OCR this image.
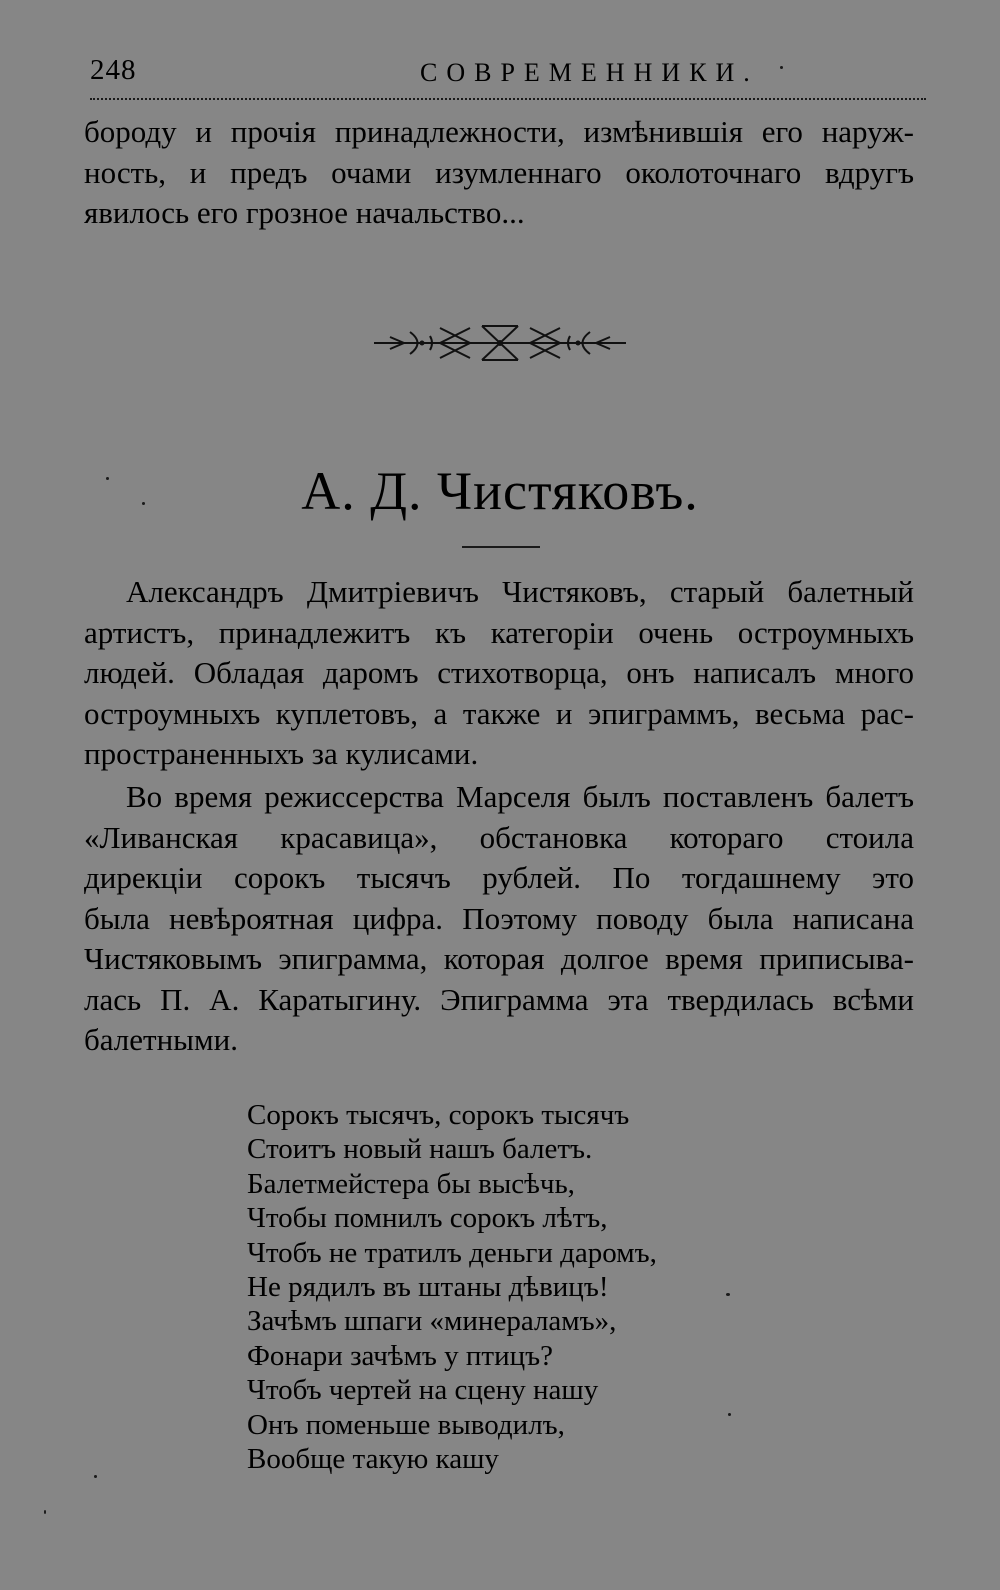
248	СОВРЕМЕННИКИ.
бороду и прочія принадлежности, измѣнившія его наруж-
ность, и предъ очами изумленнаго околоточнаго вдругъ
явилось его грозное начальство...
А. Д. Чистяковъ.
Александръ Дмитріевичъ Чистяковъ, старый балетный
артистъ, принадлежитъ къ категоріи очень остроумныхъ
людей. Обладая даромъ стихотворца, онъ написалъ много
остроумныхъ куплетовъ, а также и эпиграммъ, весьма рас-
пространенныхъ за кулисами.
Во время режиссерства Марселя былъ поставленъ балетъ
«Ливанская красавица», обстановка котораго стоила
дирекціи сорокъ тысячъ рублей. По тогдашнему это
была невѣроятная цифра. Поэтому поводу была написана
Чистяковымъ эпиграмма, которая долгое время приписыва-
лась П. А. Каратыгину. Эпиграмма эта твердилась всѣми
балетными.
Сорокъ тысячъ, сорокъ тысячъ
Стоитъ новый нашъ балетъ.
Балетмейстера бы высѣчь,
Чтобы помнилъ сорокъ лѣтъ,
Чтобъ не тратилъ деньги даромъ,
Не рядилъ въ штаны дѣвицъ!
Зачѣмъ шпаги «минераламъ»,
Фонари зачѣмъ у птицъ?
Чтобъ чертей на сцену нашу
Онъ поменьше выводилъ,
Вообще такую кашу
